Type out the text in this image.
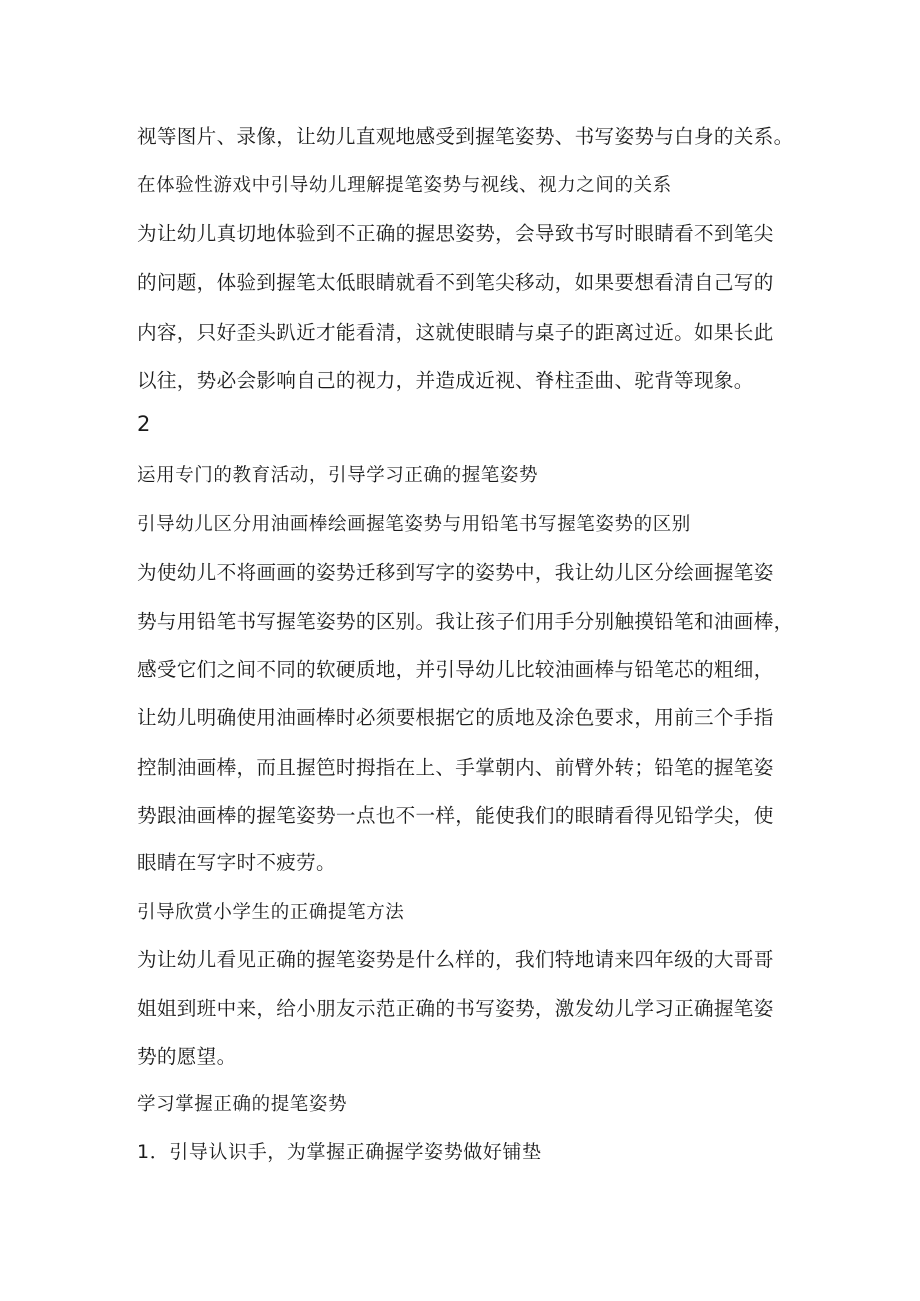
视等图片、录像，让幼儿直观地感受到握笔姿势、书写姿势与白身的关系。
在体验性游戏中引导幼儿理解提笔姿势与视线、视力之间的关系
为让幼儿真切地体验到不正确的握思姿势，会导致书写时眼睛看不到笔尖
的问题，体验到握笔太低眼睛就看不到笔尖移动，如果要想看清自己写的
内容，只好歪头趴近才能看清，这就使眼睛与桌子的距离过近。如果长此
以往，势必会影响自己的视力，并造成近视、脊柱歪曲、驼背等现象。
2
运用专门的教育活动，引导学习正确的握笔姿势
引导幼儿区分用油画棒绘画握笔姿势与用铅笔书写握笔姿势的区别
为使幼儿不将画画的姿势迁移到写字的姿势中，我让幼儿区分绘画握笔姿
势与用铅笔书写握笔姿势的区别。我让孩子们用手分别触摸铅笔和油画棒，
感受它们之间不同的软硬质地，并引导幼儿比较油画棒与铅笔芯的粗细，
让幼儿明确使用油画棒时必须要根据它的质地及涂色要求，用前三个手指
控制油画棒，而且握笆时拇指在上、手掌朝内、前臂外转；铅笔的握笔姿
势跟油画棒的握笔姿势一点也不一样，能使我们的眼睛看得见铅学尖，使
眼睛在写字时不疲劳。
引导欣赏小学生的正确提笔方法
为让幼儿看见正确的握笔姿势是什么样的，我们特地请来四年级的大哥哥
姐姐到班中来，给小朋友示范正确的书写姿势，激发幼儿学习正确握笔姿
势的愿望。
学习掌握正确的提笔姿势
1．引导认识手，为掌握正确握学姿势做好铺垫
